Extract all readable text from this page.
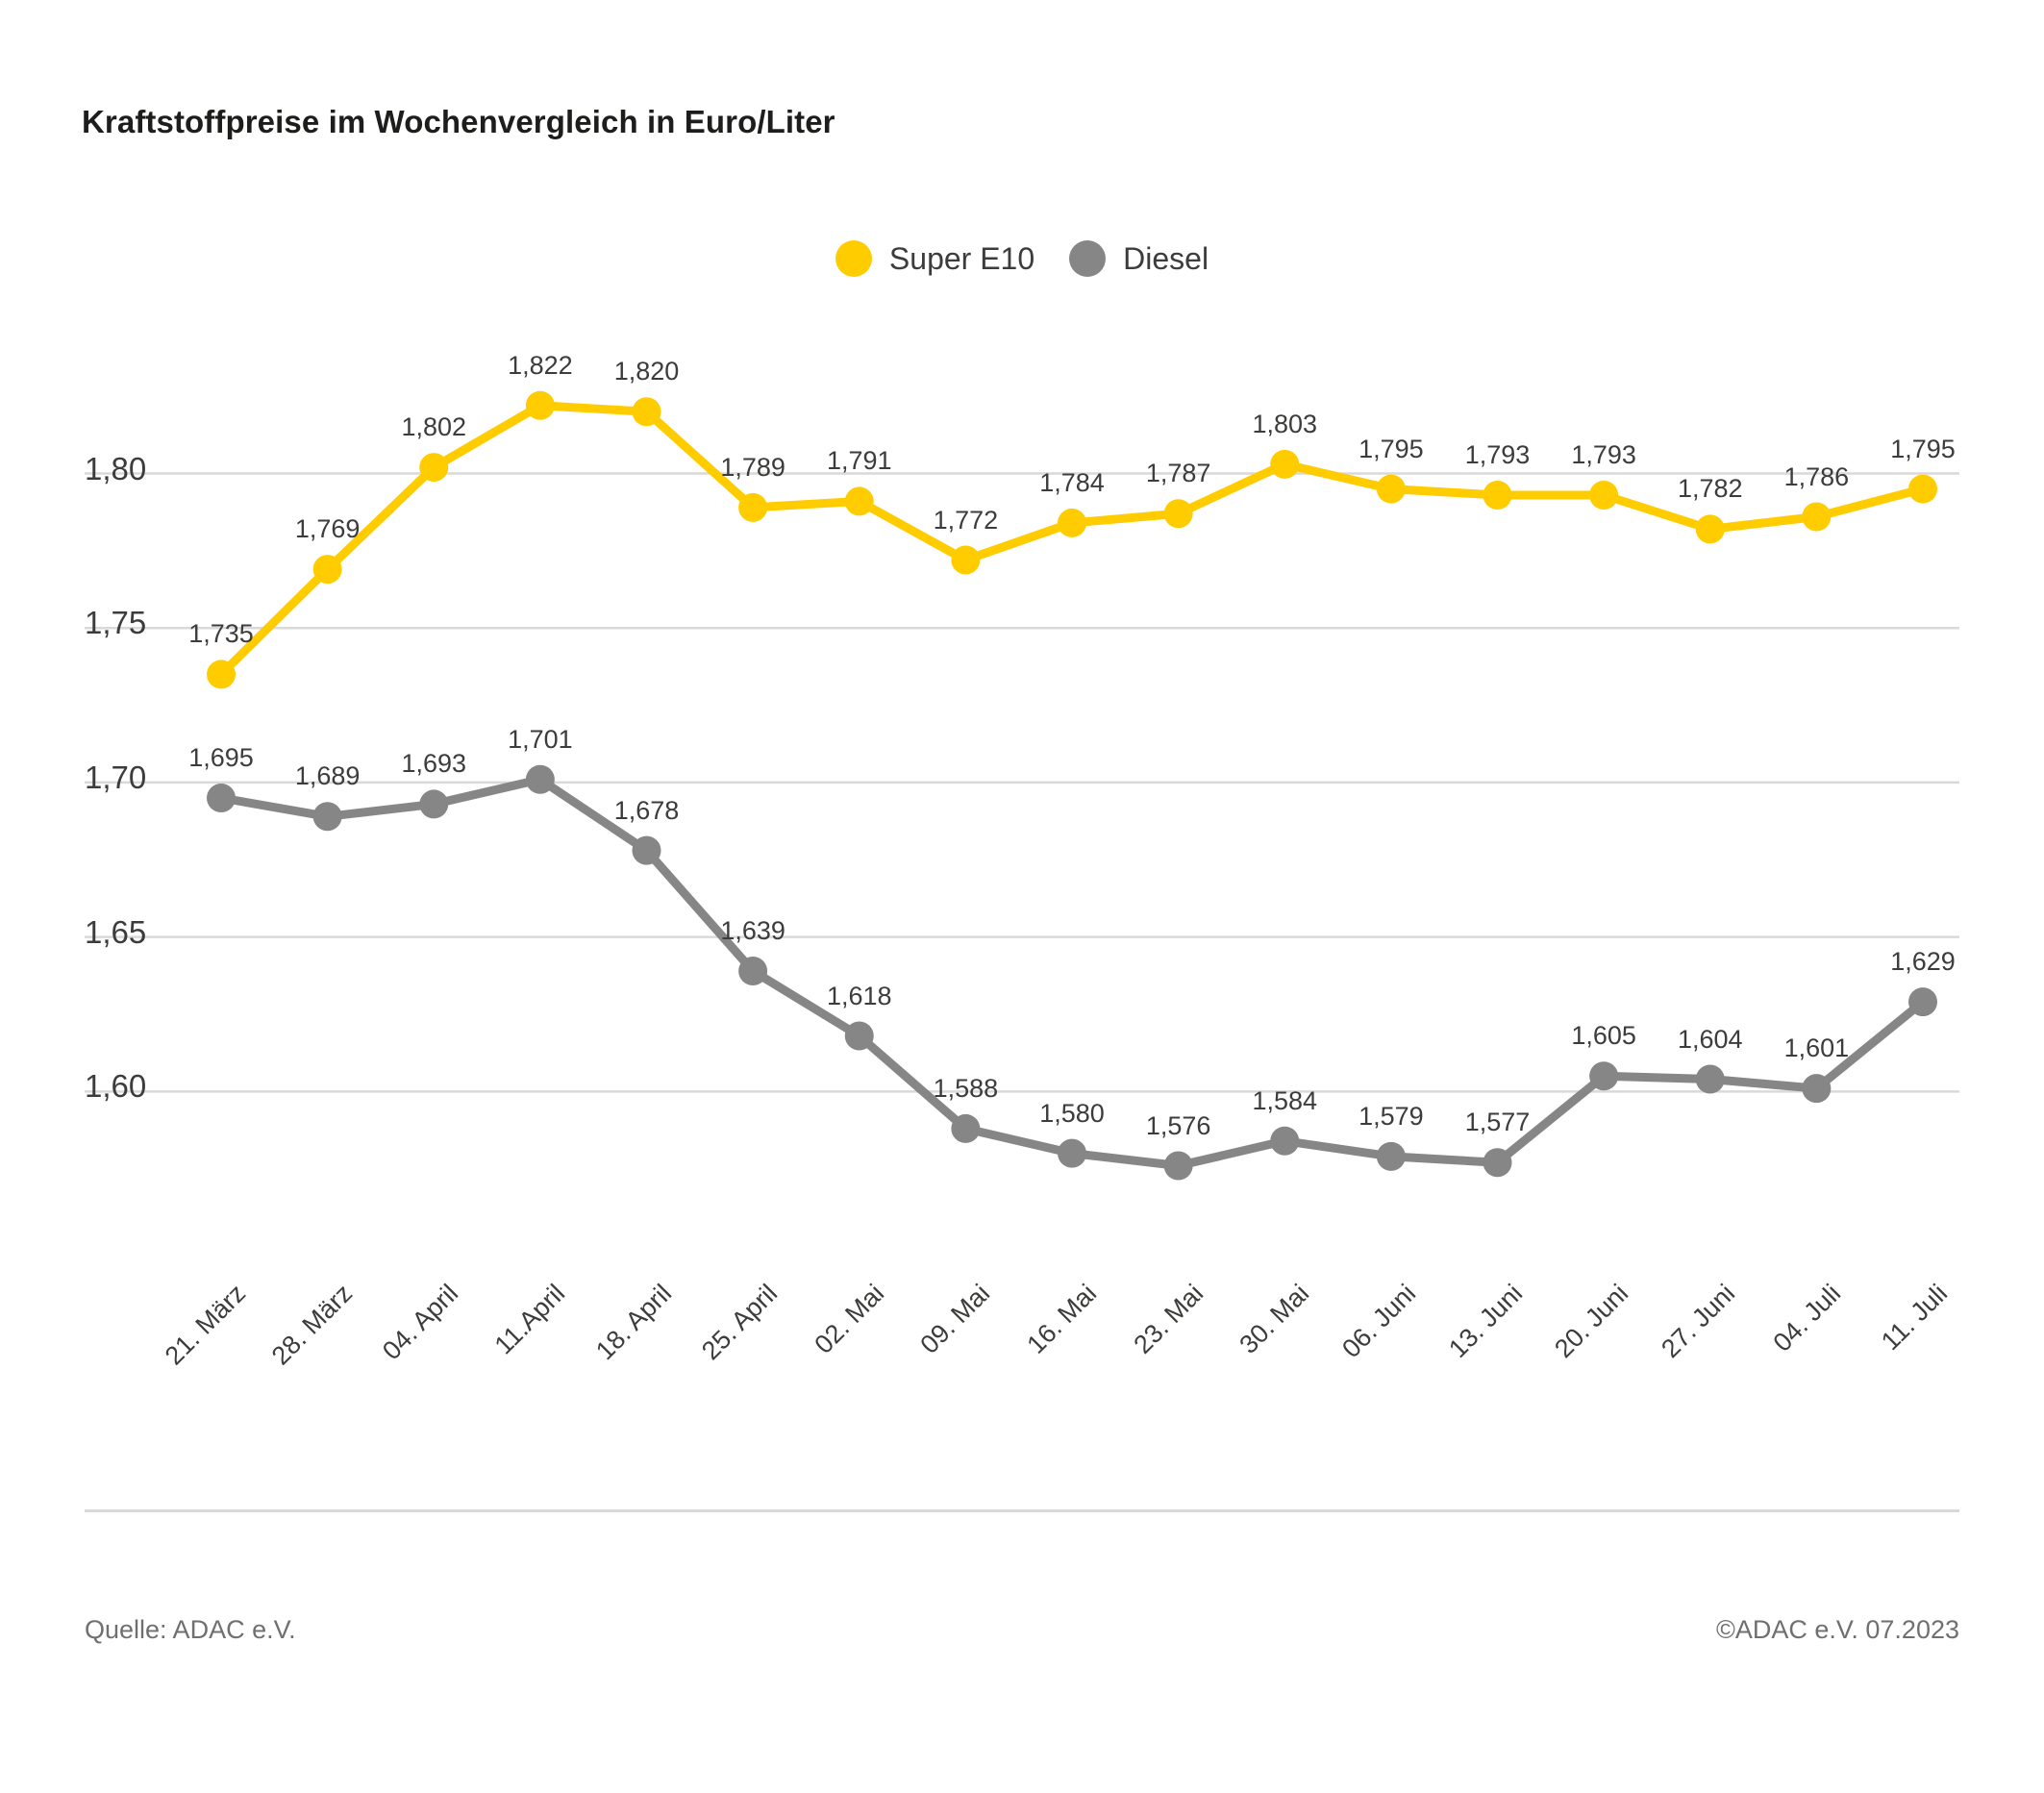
Kraftstoffpreise im Wochenvergleich in Euro/Liter
Super E10	Diesel
1,60
1,65
1,70
1,75
1,80
1,735
1,769
1,802
1,822 1,820
1,789 1,791
1,772
1,784 1,787
1,803
1,795 1,793 1,793
1,782 1,786
1,795
1,695
1,689 1,693
1,701
1,678
1,639
1,618
1,588
1,580 1,576
1,584
1,579 1,577
1,605 1,604 1,601
1,629
21. März 28. März 04. April 11.April 18. April 25. April 02. Mai 09. Mai 16. Mai 23. Mai 30. Mai 06. Juni 13. Juni 20. Juni 27. Juni	04. Juli	11. Juli
Quelle: ADAC e.V.	©ADAC e.V. 07.2023
